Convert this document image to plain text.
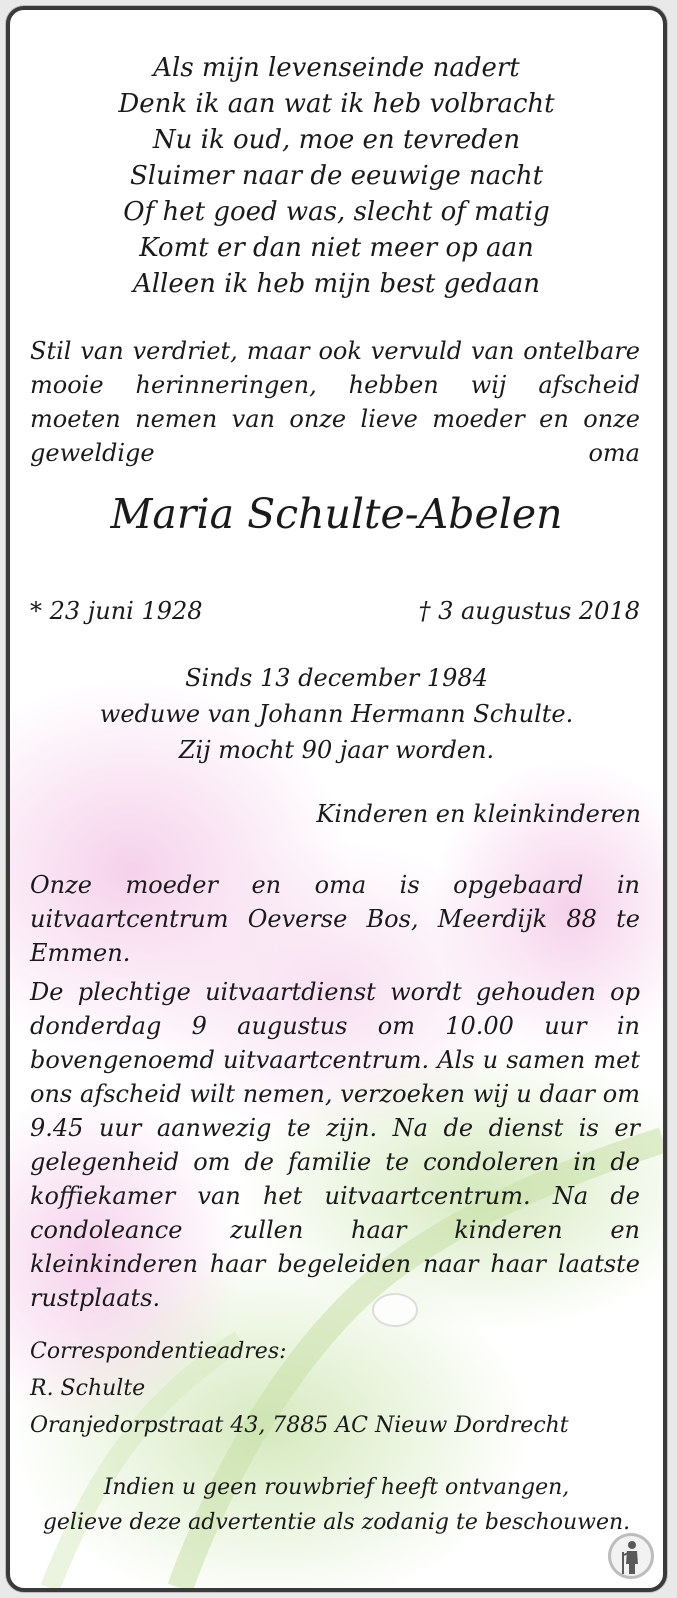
Als mijn levenseinde nadert
Denk ik aan wat ik heb volbracht
Nu ik oud, moe en tevreden
Sluimer naar de eeuwige nacht
Of het goed was, slecht of matig
Komt er dan niet meer op aan
Alleen ik heb mijn best gedaan
Stil van verdriet, maar ook vervuld van ontelbare mooie herinneringen, hebben wij afscheid moeten nemen van onze lieve moeder en onze geweldige oma
Maria Schulte-Abelen
* 23 juni 1928	† 3 augustus 2018
Sinds 13 december 1984
weduwe van Johann Hermann Schulte.
Zij mocht 90 jaar worden.
Kinderen en kleinkinderen
Onze moeder en oma is opgebaard in uitvaartcentrum Oeverse Bos, Meerdijk 88 te Emmen.
De plechtige uitvaartdienst wordt gehouden op donderdag 9 augustus om 10.00 uur in bovengenoemd uitvaartcentrum. Als u samen met ons afscheid wilt nemen, verzoeken wij u daar om 9.45 uur aanwezig te zijn. Na de dienst is er gelegenheid om de familie te condoleren in de koffiekamer van het uitvaartcentrum. Na de condoleance zullen haar kinderen en kleinkinderen haar begeleiden naar haar laatste rustplaats.
Correspondentieadres:
R. Schulte
Oranjedorpstraat 43, 7885 AC Nieuw Dordrecht
Indien u geen rouwbrief heeft ontvangen,
gelieve deze advertentie als zodanig te beschouwen.
